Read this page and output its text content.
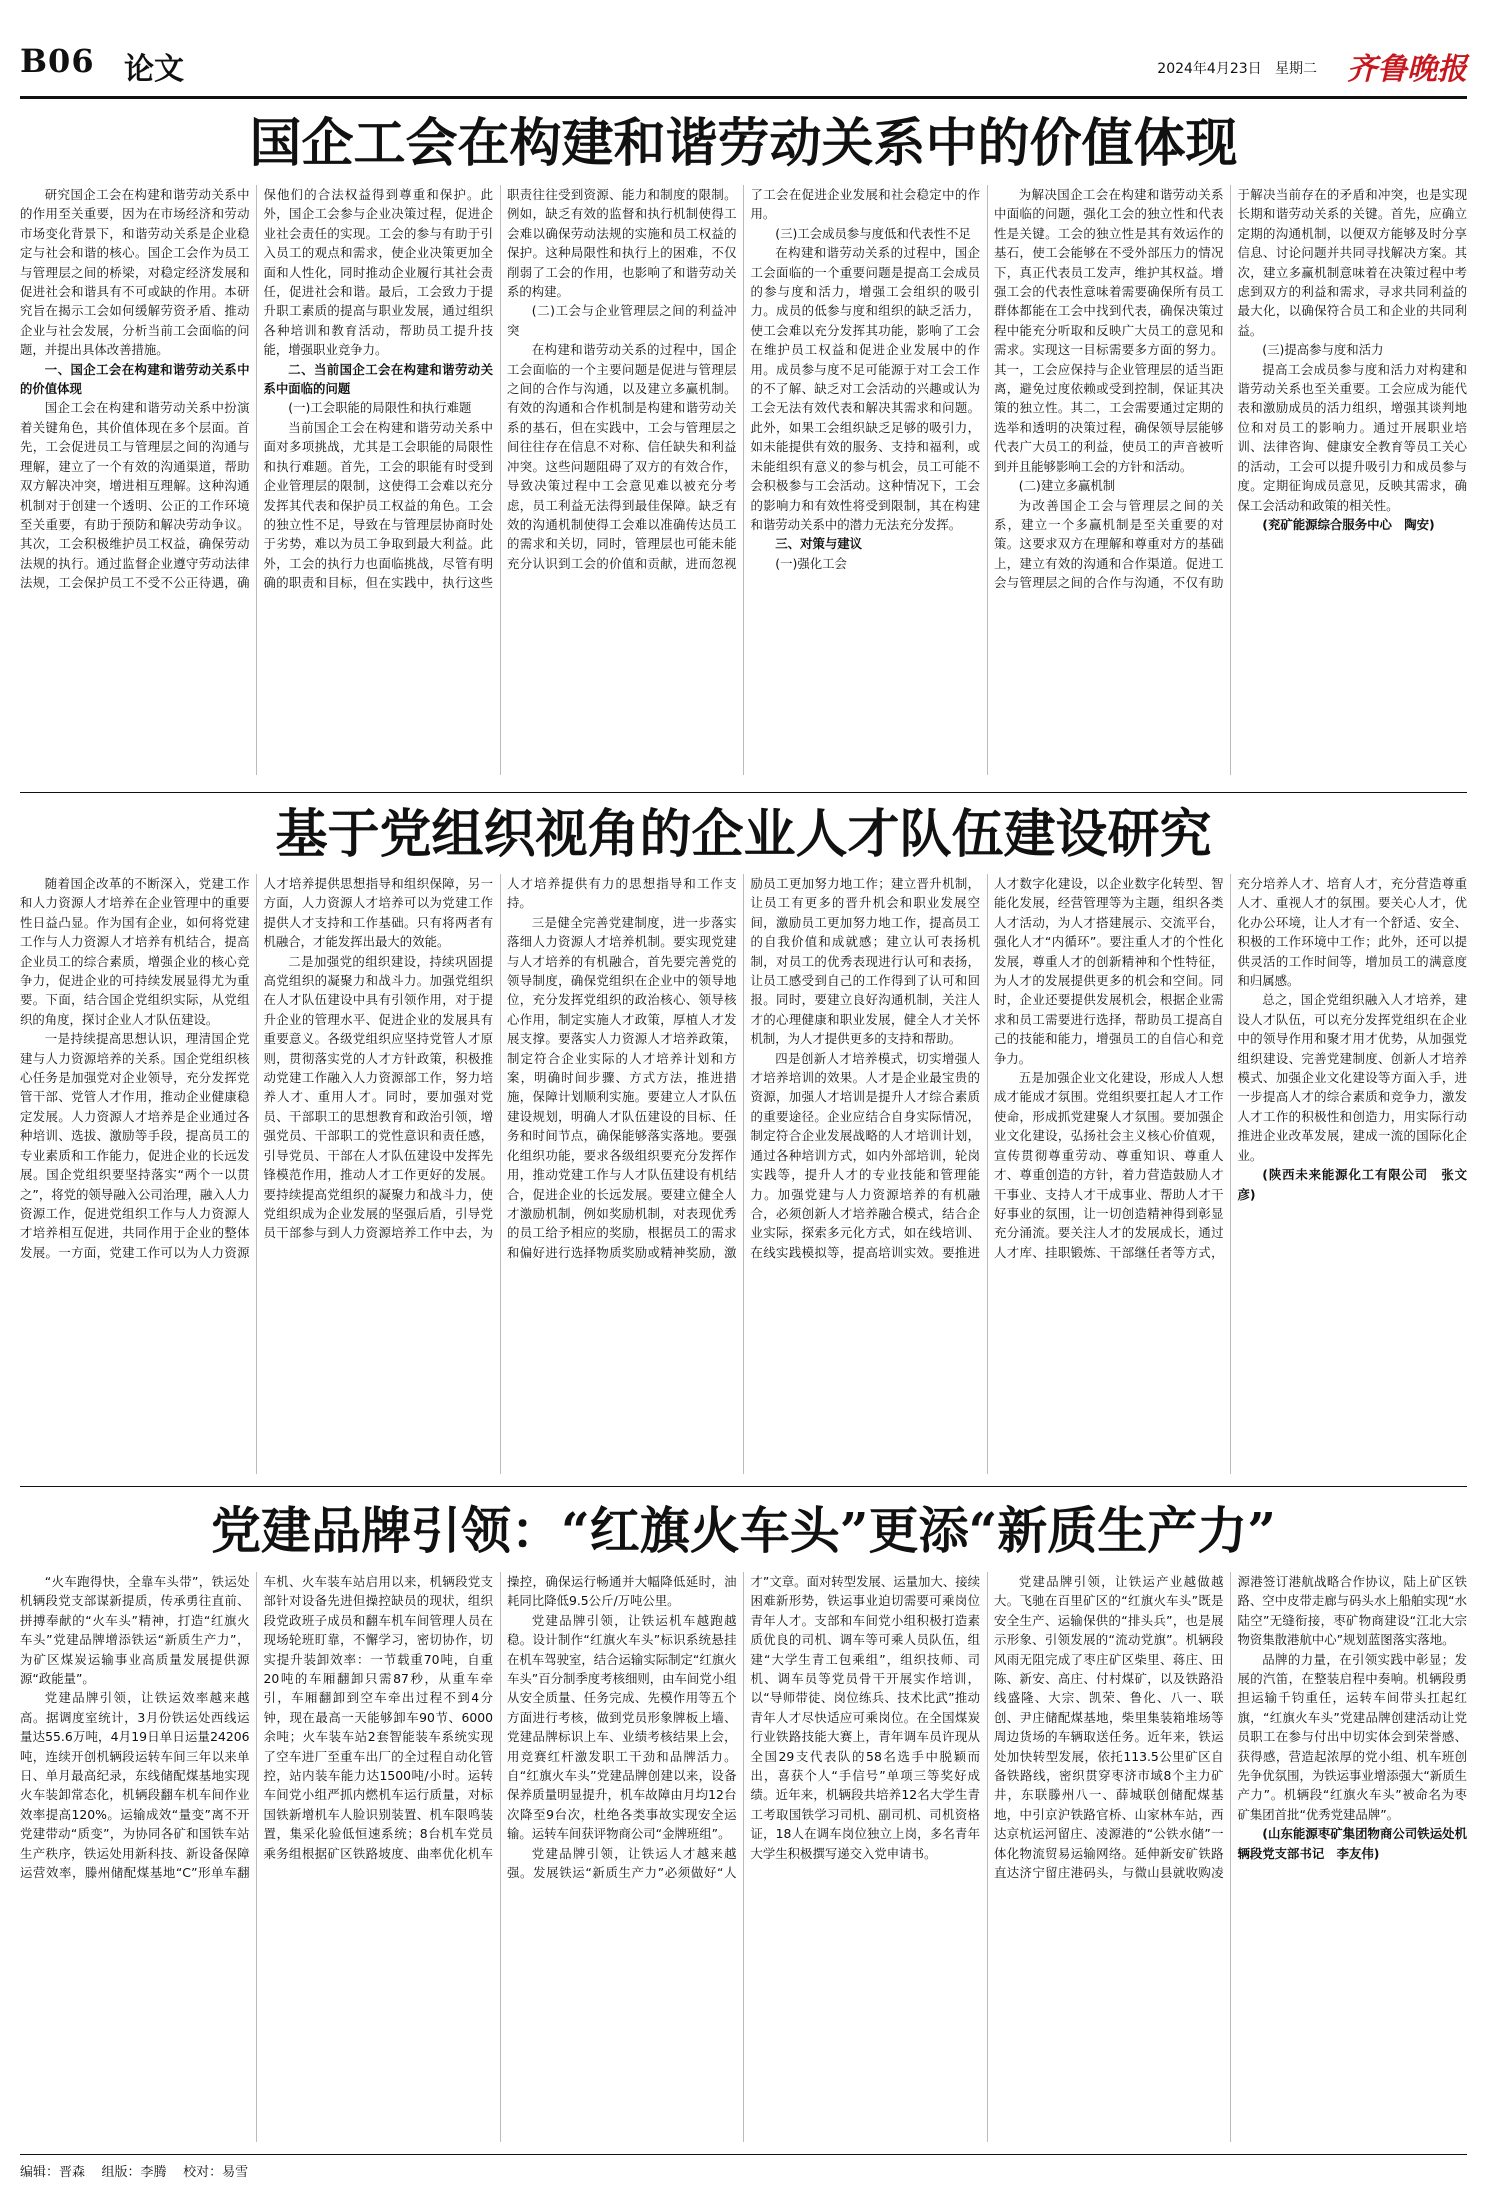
B06 论文	2024年4月23日 星期二 齐鲁晚报
国企工会在构建和谐劳动关系中的价值体现

研究国企工会在构建和谐劳动关系中的作用至关重要，因为在市场经济和劳动市场变化背景下，和谐劳动关系是企业稳定与社会和谐的核心。国企工会作为员工与管理层之间的桥梁，对稳定经济发展和促进社会和谐具有不可或缺的作用。本研究旨在揭示工会如何缓解劳资矛盾、推动企业与社会发展，分析当前工会面临的问题，并提出具体改善措施。

一、国企工会在构建和谐劳动关系中的价值体现

国企工会在构建和谐劳动关系中扮演着关键角色，其价值体现在多个层面。首先，工会促进员工与管理层之间的沟通与理解，建立了一个有效的沟通渠道，帮助双方解决冲突，增进相互理解。这种沟通机制对于创建一个透明、公正的工作环境至关重要，有助于预防和解决劳动争议。其次，工会积极维护员工权益，确保劳动法规的执行。通过监督企业遵守劳动法律法规，工会保护员工不受不公正待遇，确保他们的合法权益得到尊重和保护。此外，国企工会参与企业决策过程，促进企业社会责任的实现。工会的参与有助于引入员工的观点和需求，使企业决策更加全面和人性化，同时推动企业履行其社会责任，促进社会和谐。最后，工会致力于提升职工素质的提高与职业发展，通过组织各种培训和教育活动，帮助员工提升技能，增强职业竞争力。

二、当前国企工会在构建和谐劳动关系中面临的问题

(一)工会职能的局限性和执行难题

当前国企工会在构建和谐劳动关系中面对多项挑战，尤其是工会职能的局限性和执行难题。首先，工会的职能有时受到企业管理层的限制，这使得工会难以充分发挥其代表和保护员工权益的角色。工会的独立性不足，导致在与管理层协商时处于劣势，难以为员工争取到最大利益。此外，工会的执行力也面临挑战，尽管有明确的职责和目标，但在实践中，执行这些职责往往受到资源、能力和制度的限制。例如，缺乏有效的监督和执行机制使得工会难以确保劳动法规的实施和员工权益的保护。这种局限性和执行上的困难，不仅削弱了工会的作用，也影响了和谐劳动关系的构建。

(二)工会与企业管理层之间的利益冲突

在构建和谐劳动关系的过程中，国企工会面临的一个主要问题是促进与管理层之间的合作与沟通，以及建立多赢机制。有效的沟通和合作机制是构建和谐劳动关系的基石，但在实践中，工会与管理层之间往往存在信息不对称、信任缺失和利益冲突。这些问题阻碍了双方的有效合作，导致决策过程中工会意见难以被充分考虑，员工利益无法得到最佳保障。缺乏有效的沟通机制使得工会难以准确传达员工的需求和关切，同时，管理层也可能未能充分认识到工会的价值和贡献，进而忽视了工会在促进企业发展和社会稳定中的作用。

(三)工会成员参与度低和代表性不足

在构建和谐劳动关系的过程中，国企工会面临的一个重要问题是提高工会成员的参与度和活力，增强工会组织的吸引力。成员的低参与度和组织的缺乏活力，使工会难以充分发挥其功能，影响了工会在维护员工权益和促进企业发展中的作用。成员参与度不足可能源于对工会工作的不了解、缺乏对工会活动的兴趣或认为工会无法有效代表和解决其需求和问题。此外，如果工会组织缺乏足够的吸引力，如未能提供有效的服务、支持和福利，或未能组织有意义的参与机会，员工可能不会积极参与工会活动。这种情况下，工会的影响力和有效性将受到限制，其在构建和谐劳动关系中的潜力无法充分发挥。

三、对策与建议

(一)强化工会

为解决国企工会在构建和谐劳动关系中面临的问题，强化工会的独立性和代表性是关键。工会的独立性是其有效运作的基石，使工会能够在不受外部压力的情况下，真正代表员工发声，维护其权益。增强工会的代表性意味着需要确保所有员工群体都能在工会中找到代表，确保决策过程中能充分听取和反映广大员工的意见和需求。实现这一目标需要多方面的努力。其一，工会应保持与企业管理层的适当距离，避免过度依赖或受到控制，保证其决策的独立性。其二，工会需要通过定期的选举和透明的决策过程，确保领导层能够代表广大员工的利益，使员工的声音被听到并且能够影响工会的方针和活动。

(二)建立多赢机制

为改善国企工会与管理层之间的关系，建立一个多赢机制是至关重要的对策。这要求双方在理解和尊重对方的基础上，建立有效的沟通和合作渠道。促进工会与管理层之间的合作与沟通，不仅有助于解决当前存在的矛盾和冲突，也是实现长期和谐劳动关系的关键。首先，应确立定期的沟通机制，以便双方能够及时分享信息、讨论问题并共同寻找解决方案。其次，建立多赢机制意味着在决策过程中考虑到双方的利益和需求，寻求共同利益的最大化，以确保符合员工和企业的共同利益。

(三)提高参与度和活力

提高工会成员参与度和活力对构建和谐劳动关系也至关重要。工会应成为能代表和激励成员的活力组织，增强其谈判地位和对员工的影响力。通过开展职业培训、法律咨询、健康安全教育等员工关心的活动，工会可以提升吸引力和成员参与度。定期征询成员意见，反映其需求，确保工会活动和政策的相关性。

(兖矿能源综合服务中心　陶安)

基于党组织视角的企业人才队伍建设研究

随着国企改革的不断深入，党建工作和人力资源人才培养在企业管理中的重要性日益凸显。作为国有企业，如何将党建工作与人力资源人才培养有机结合，提高企业员工的综合素质，增强企业的核心竞争力，促进企业的可持续发展显得尤为重要。下面，结合国企党组织实际，从党组织的角度，探讨企业人才队伍建设。

一是持续提高思想认识，理清国企党建与人力资源培养的关系。国企党组织核心任务是加强党对企业领导，充分发挥党管干部、党管人才作用，推动企业健康稳定发展。人力资源人才培养是企业通过各种培训、选拔、激励等手段，提高员工的专业素质和工作能力，促进企业的长远发展。国企党组织要坚持落实“两个一以贯之”，将党的领导融入公司治理，融入人力资源工作，促进党组织工作与人力资源人才培养相互促进，共同作用于企业的整体发展。一方面，党建工作可以为人力资源人才培养提供思想指导和组织保障，另一方面，人力资源人才培养可以为党建工作提供人才支持和工作基础。只有将两者有机融合，才能发挥出最大的效能。

二是加强党的组织建设，持续巩固提高党组织的凝聚力和战斗力。加强党组织在人才队伍建设中具有引领作用，对于提升企业的管理水平、促进企业的发展具有重要意义。各级党组织应坚持党管人才原则，贯彻落实党的人才方针政策，积极推动党建工作融入人力资源部工作，努力培养人才、重用人才。同时，要加强对党员、干部职工的思想教育和政治引领，增强党员、干部职工的党性意识和责任感，引导党员、干部在人才队伍建设中发挥先锋模范作用，推动人才工作更好的发展。要持续提高党组织的凝聚力和战斗力，使党组织成为企业发展的坚强后盾，引导党员干部参与到人力资源培养工作中去，为人才培养提供有力的思想指导和工作支持。

三是健全完善党建制度，进一步落实落细人力资源人才培养机制。要实现党建与人才培养的有机融合，首先要完善党的领导制度，确保党组织在企业中的领导地位，充分发挥党组织的政治核心、领导核心作用，制定实施人才政策，厚植人才发展支撑。要落实人力资源人才培养政策，制定符合企业实际的人才培养计划和方案，明确时间步骤、方式方法，推进措施，保障计划顺利实施。要建立人才队伍建设规划，明确人才队伍建设的目标、任务和时间节点，确保能够落实落地。要强化组织功能，要求各级组织要充分发挥作用，推动党建工作与人才队伍建设有机结合，促进企业的长远发展。要建立健全人才激励机制，例如奖励机制，对表现优秀的员工给予相应的奖励，根据员工的需求和偏好进行选择物质奖励或精神奖励，激励员工更加努力地工作；建立晋升机制，让员工有更多的晋升机会和职业发展空间，激励员工更加努力地工作，提高员工的自我价值和成就感；建立认可表扬机制，对员工的优秀表现进行认可和表扬，让员工感受到自己的工作得到了认可和回报。同时，要建立良好沟通机制，关注人才的心理健康和职业发展，健全人才关怀机制，为人才提供更多的支持和帮助。

四是创新人才培养模式，切实增强人才培养培训的效果。人才是企业最宝贵的资源，加强人才培训是提升人才综合素质的重要途径。企业应结合自身实际情况，制定符合企业发展战略的人才培训计划，通过各种培训方式，如内外部培训，轮岗实践等，提升人才的专业技能和管理能力。加强党建与人力资源培养的有机融合，必须创新人才培养融合模式，结合企业实际，探索多元化方式，如在线培训、在线实践模拟等，提高培训实效。要推进人才数字化建设，以企业数字化转型、智能化发展，经营管理等为主题，组织各类人才活动，为人才搭建展示、交流平台，强化人才“内循环”。要注重人才的个性化发展，尊重人才的创新精神和个性特征，为人才的发展提供更多的机会和空间。同时，企业还要提供发展机会，根据企业需求和员工需要进行选择，帮助员工提高自己的技能和能力，增强员工的自信心和竞争力。

五是加强企业文化建设，形成人人想成才能成才氛围。党组织要扛起人才工作使命，形成抓党建聚人才氛围。要加强企业文化建设，弘扬社会主义核心价值观，宣传贯彻尊重劳动、尊重知识、尊重人才、尊重创造的方针，着力营造鼓励人才干事业、支持人才干成事业、帮助人才干好事业的氛围，让一切创造精神得到彰显充分涌流。要关注人才的发展成长，通过人才库、挂职锻炼、干部继任者等方式，充分培养人才、培育人才，充分营造尊重人才、重视人才的氛围。要关心人才，优化办公环境，让人才有一个舒适、安全、积极的工作环境中工作；此外，还可以提供灵活的工作时间等，增加员工的满意度和归属感。

总之，国企党组织融入人才培养，建设人才队伍，可以充分发挥党组织在企业中的领导作用和聚才用才优势，从加强党组织建设、完善党建制度、创新人才培养模式、加强企业文化建设等方面入手，进一步提高人才的综合素质和竞争力，激发人才工作的积极性和创造力，用实际行动推进企业改革发展，建成一流的国际化企业。

(陕西未来能源化工有限公司　张文彦)

党建品牌引领：“红旗火车头”更添“新质生产力”

“火车跑得快，全靠车头带”，铁运处机辆段党支部谋新提质，传承勇往直前、拼搏奉献的“火车头”精神，打造“红旗火车头”党建品牌增添铁运“新质生产力”，为矿区煤炭运输事业高质量发展提供源源“政能量”。

党建品牌引领，让铁运效率越来越高。据调度室统计，3月份铁运处西线运量达55.6万吨，4月19日单日运量24206吨，连续开创机辆段运转车间三年以来单日、单月最高纪录，东线储配煤基地实现火车装卸常态化，机辆段翻车机车间作业效率提高120%。运输成效“量变”离不开党建带动“质变”，为协同各矿和国铁车站生产秩序，铁运处用新科技、新设备保障运营效率，滕州储配煤基地“C”形单车翻车机、火车装车站启用以来，机辆段党支部针对设备先进但操控缺员的现状，组织段党政班子成员和翻车机车间管理人员在现场轮班盯靠，不懈学习，密切协作，切实提升装卸效率：一节载重70吨，自重20吨的车厢翻卸只需87秒，从重车牵引，车厢翻卸到空车牵出过程不到4分钟，现在最高一天能够卸车90节、6000余吨；火车装车站2套智能装车系统实现了空车进厂至重车出厂的全过程自动化管控，站内装车能力达1500吨/小时。运转车间党小组严抓内燃机车运行质量，对标国铁新增机车人脸识别装置、机车限鸣装置，集采化验低恒速系统；8台机车党员乘务组根据矿区铁路坡度、曲率优化机车操控，确保运行畅通并大幅降低延时，油耗同比降低9.5公斤/万吨公里。

党建品牌引领，让铁运机车越跑越稳。设计制作“红旗火车头”标识系统悬挂在机车驾驶室，结合运输实际制定“红旗火车头”百分制季度考核细则，由车间党小组从安全质量、任务完成、先模作用等五个方面进行考核，做到党员形象牌板上墙、党建品牌标识上车、业绩考核结果上会，用竞赛红杆激发职工干劲和品牌活力。自“红旗火车头”党建品牌创建以来，设备保养质量明显提升，机车故障由月均12台次降至9台次，杜绝各类事故实现安全运输。运转车间获评物商公司“金牌班组”。

党建品牌引领，让铁运人才越来越强。发展铁运“新质生产力”必须做好“人才”文章。面对转型发展、运量加大、接续困难新形势，铁运事业迫切需要可乘岗位青年人才。支部和车间党小组积极打造素质优良的司机、调车等可乘人员队伍，组建“大学生青工包乘组”，组织技师、司机、调车员等党员骨干开展实作培训，以“导师带徒、岗位练兵、技术比武”推动青年人才尽快适应可乘岗位。在全国煤炭行业铁路技能大赛上，青年调车员许现从全国29支代表队的58名选手中脱颖而出，喜获个人“手信号”单项三等奖好成绩。近年来，机辆段共培养12名大学生青工考取国铁学习司机、副司机、司机资格证，18人在调车岗位独立上岗，多名青年大学生积极撰写递交入党申请书。

党建品牌引领，让铁运产业越做越大。飞驰在百里矿区的“红旗火车头”既是安全生产、运输保供的“排头兵”，也是展示形象、引领发展的“流动党旗”。机辆段风雨无阻完成了枣庄矿区柴里、蒋庄、田陈、新安、高庄、付村煤矿，以及铁路沿线盛隆、大宗、凯荣、鲁化、八一、联创、尹庄储配煤基地，柴里集装箱堆场等周边货场的车辆取送任务。近年来，铁运处加快转型发展，依托113.5公里矿区自备铁路线，密织贯穿枣济市域8个主力矿井，东联滕州八一、薛城联创储配煤基地，中引京沪铁路官桥、山家林车站，西达京杭运河留庄、凌源港的“公铁水储”一体化物流贸易运输网络。延伸新安矿铁路直达济宁留庄港码头，与微山县就收购凌源港签订港航战略合作协议，陆上矿区铁路、空中皮带走廊与码头水上船舶实现“水陆空”无缝衔接，枣矿物商建设“江北大宗物资集散港航中心”规划蓝图落实落地。

品牌的力量，在引领实践中彰显；发展的汽笛，在整装启程中奏响。机辆段勇担运输千钧重任，运转车间带头扛起红旗，“红旗火车头”党建品牌创建活动让党员职工在参与付出中切实体会到荣誉感、获得感，营造起浓厚的党小组、机车班创先争优氛围，为铁运事业增添强大“新质生产力”。机辆段“红旗火车头”被命名为枣矿集团首批“优秀党建品牌”。

(山东能源枣矿集团物商公司铁运处机辆段党支部书记　李友伟)

编辑：晋森 组版：李腾 校对：易雪
